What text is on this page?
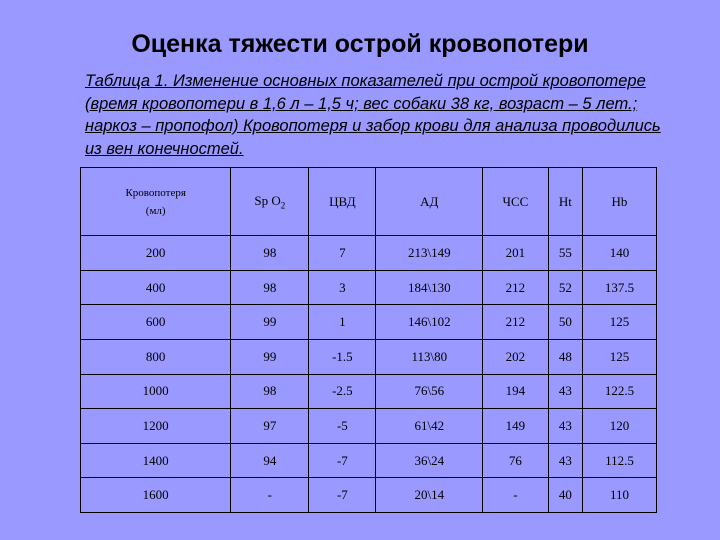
Оценка тяжести острой кровопотери
Таблица 1. Изменение основных показателей при острой кровопотере (время кровопотери в 1,6 л – 1,5 ч; вес собаки 38 кг, возраст – 5 лет.; наркоз – пропофол) Кровопотеря и забор крови для анализа проводились из вен конечностей.
Кровопотеря
(мл)	Sp $O_2$	ЦВД	АД	ЧСС	Ht	Hb
200	98	7	213\149	201	55	140
400	98	3	184\130	212	52	137.5
600	99	1	146\102	212	50	125
800	99	-1.5	113\80	202	48	125
1000	98	-2.5	76\56	194	43	122.5
1200	97	-5	61\42	149	43	120
1400	94	-7	36\24	76	43	112.5
1600	-	-7	20\14	-	40	110
